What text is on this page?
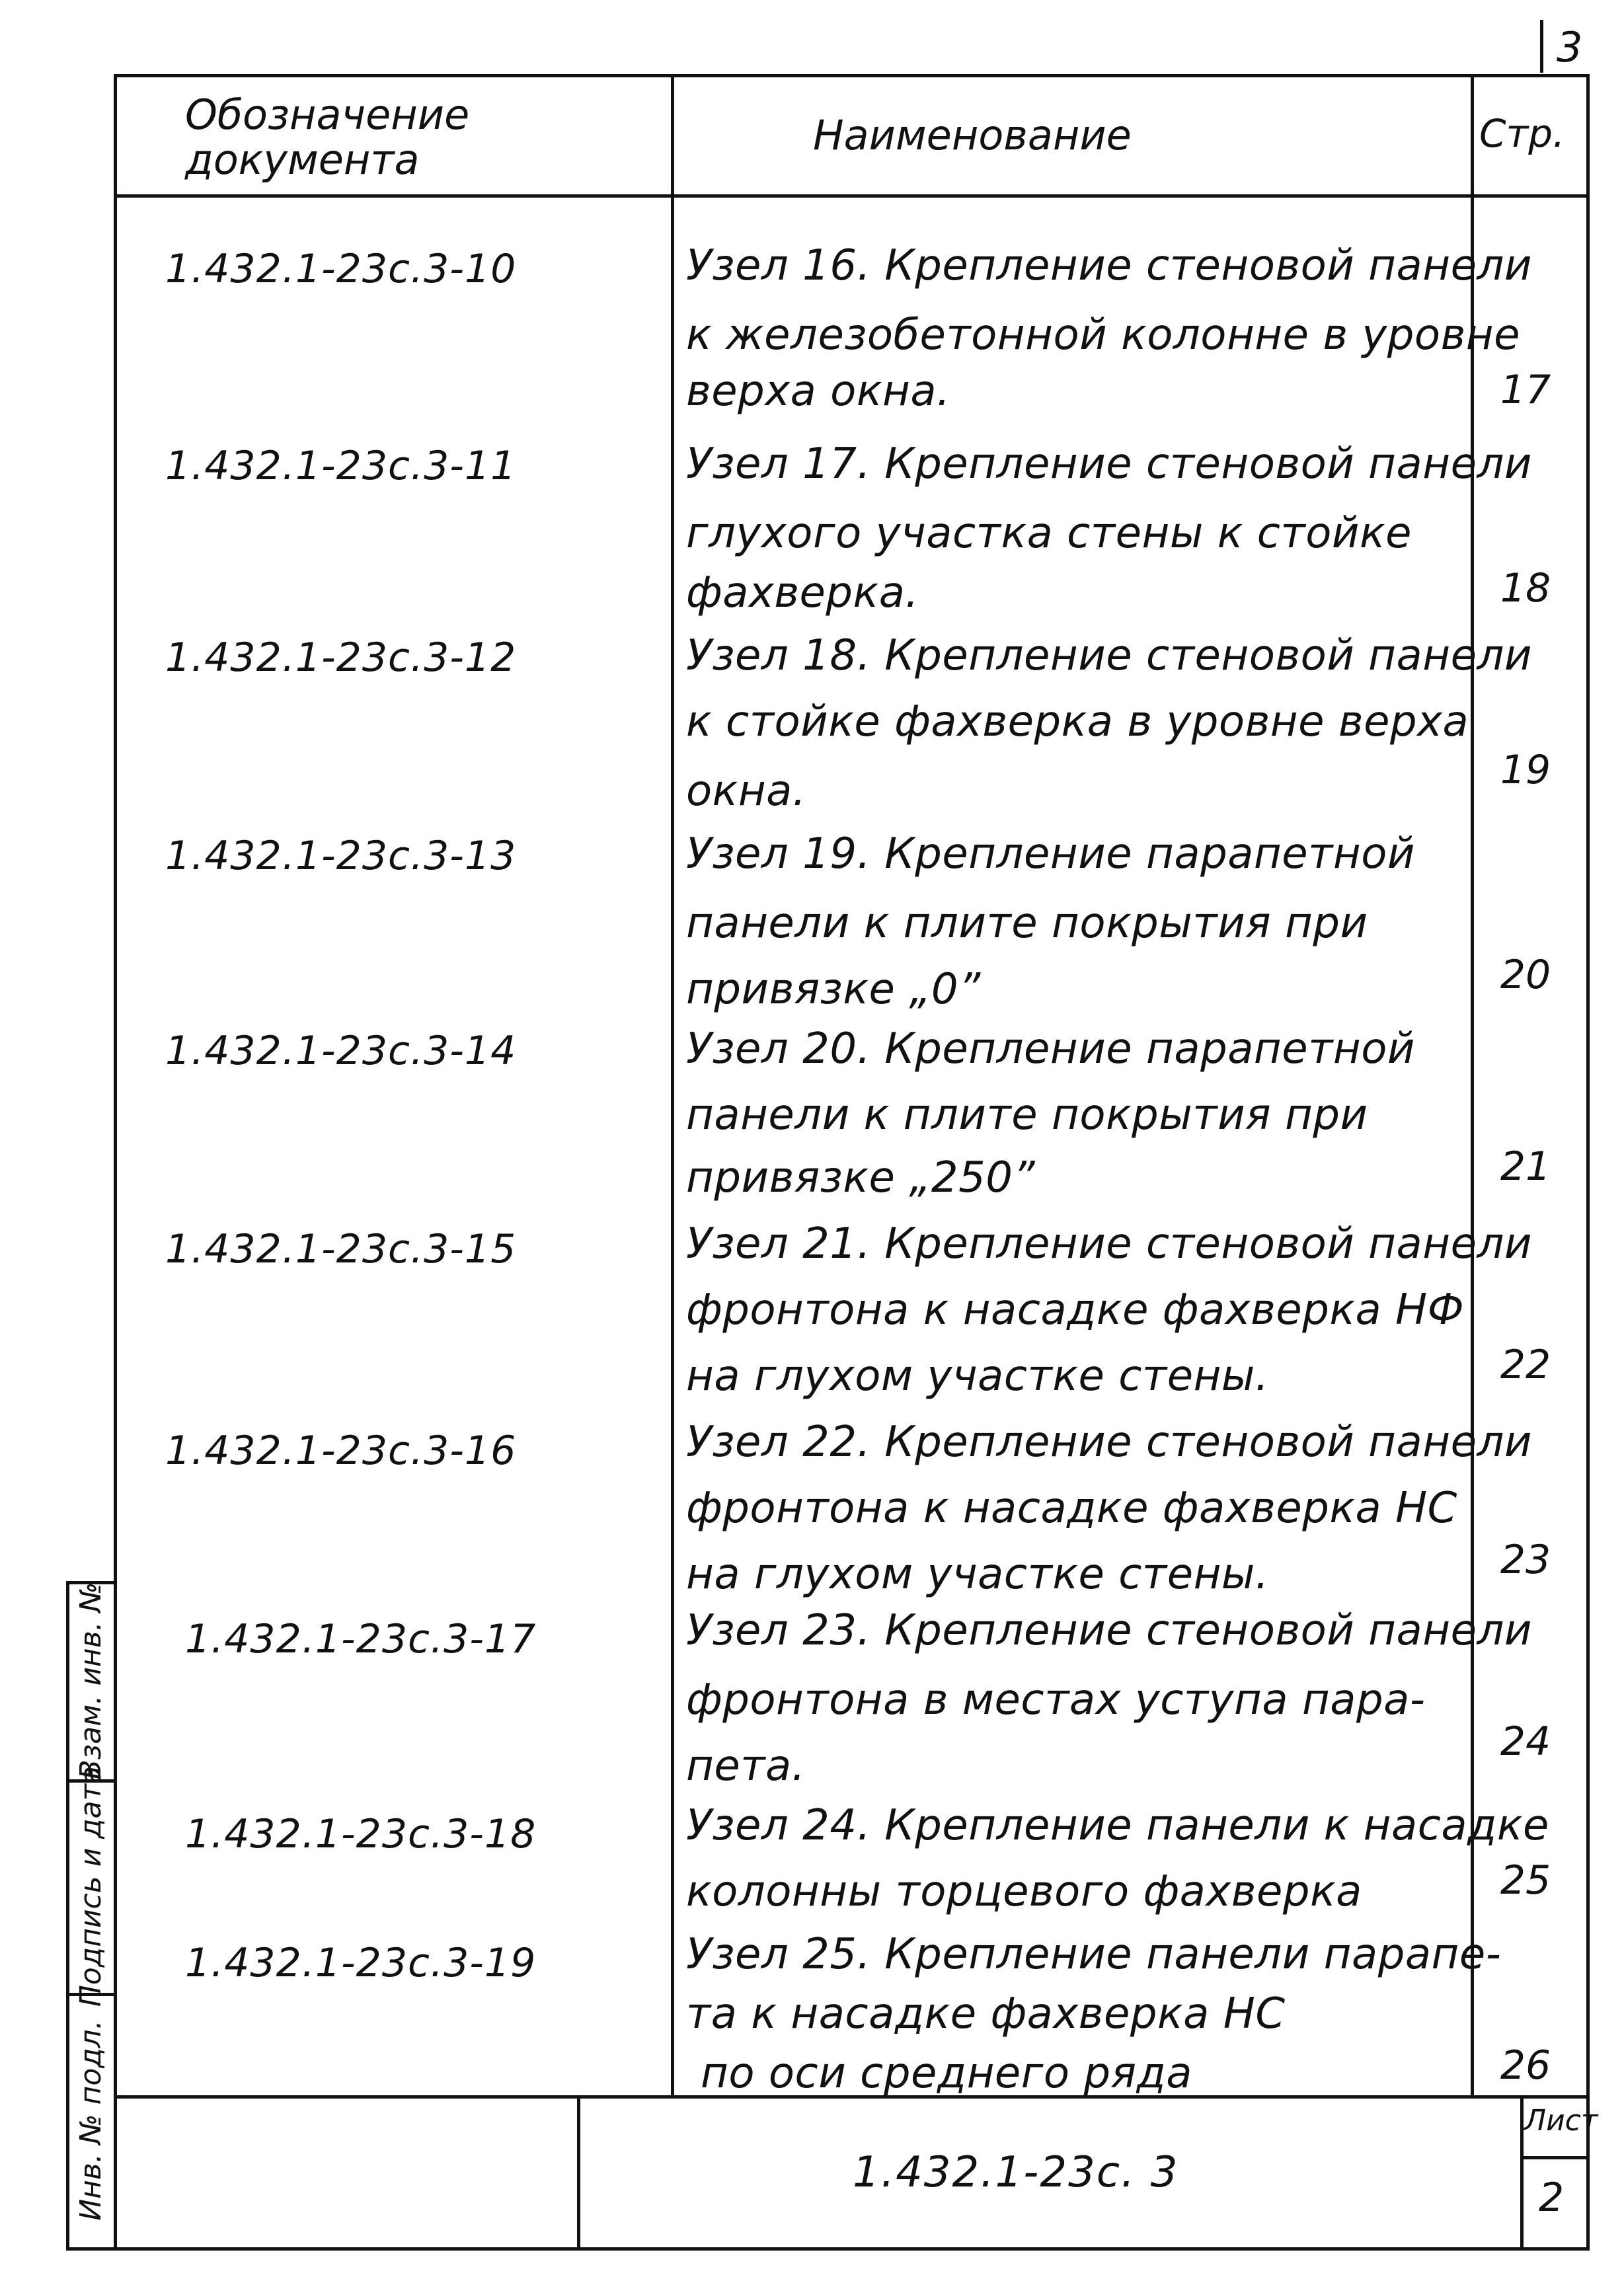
3
Обозначение документа
Наименование	Стр.
1.432.1-23с.3-10	Узел 16. Крепление стеновой панели
к железобетонной колонне в уровне
верха окна.	17
1.432.1-23с.3-11	Узел 17. Крепление стеновой панели
глухого участка стены к стойке
фахверка.	18
1.432.1-23с.3-12	Узел 18. Крепление стеновой панели
к стойке фахверка в уровне верха
окна.	19
1.432.1-23с.3-13	Узел 19. Крепление парапетной
панели к плите покрытия при
привязке „0”	20
1.432.1-23с.3-14	Узел 20. Крепление парапетной
панели к плите покрытия при
привязке „250”	21
1.432.1-23с.3-15	Узел 21. Крепление стеновой панели
фронтона к насадке фахверка НФ
на глухом участке стены.	22
1.432.1-23с.3-16	Узел 22. Крепление стеновой панели
фронтона к насадке фахверка НС
на глухом участке стены.	23
1.432.1-23с.3-17	Узел 23. Крепление стеновой панели
фронтона в местах уступа пара-
пета.	24
1.432.1-23с.3-18	Узел 24. Крепление панели к насадке
колонны торцевого фахверка	25
1.432.1-23с.3-19	Узел 25. Крепление панели парапе-
та к насадке фахверка НС
по оси среднего ряда	26
Взам. инв. №
Подпись и дата
Инв. № подл.	1.432.1-23с. 3
Лист
2
